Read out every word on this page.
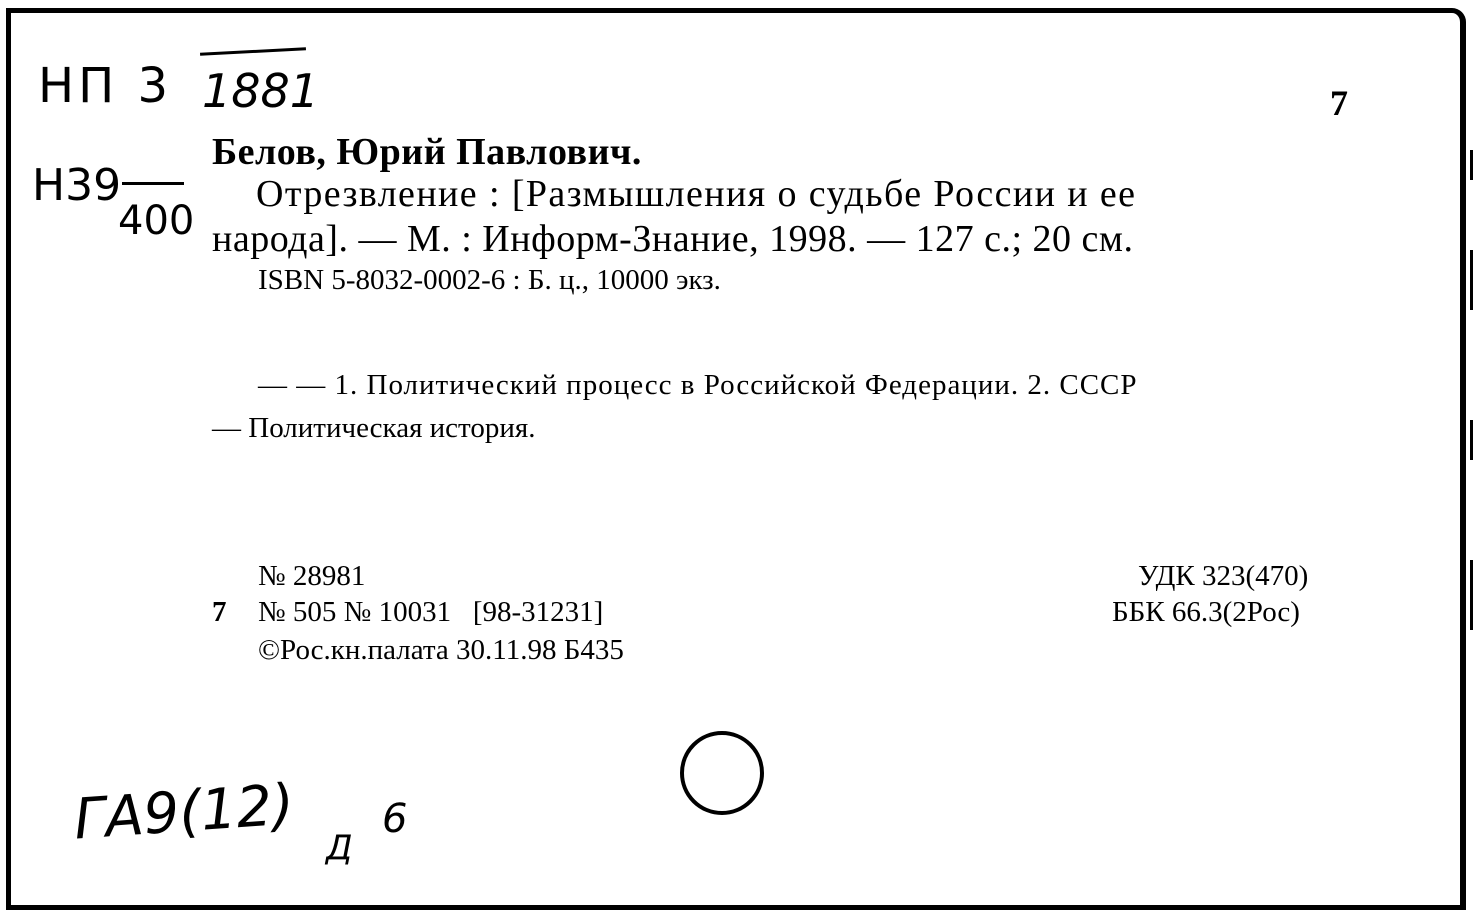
НП 3 1881
Н39
400
7
Белов, Юрий Павлович.
Отрезвление : [Размышления о судьбе России и ее
народа]. — М. : Информ-Знание, 1998. — 127 с.; 20 см.
ISBN 5-8032-0002-6 : Б. ц., 10000 экз.
— — 1. Политический процесс в Российской Федерации. 2. СССР
— Политическая история.
№ 28981
7 № 505 № 10031   [98-31231]
©Рос.кн.палата 30.11.98 Б435
УДК 323(470)
ББК 66.3(2Рос)
ГА9(12) Д
6
